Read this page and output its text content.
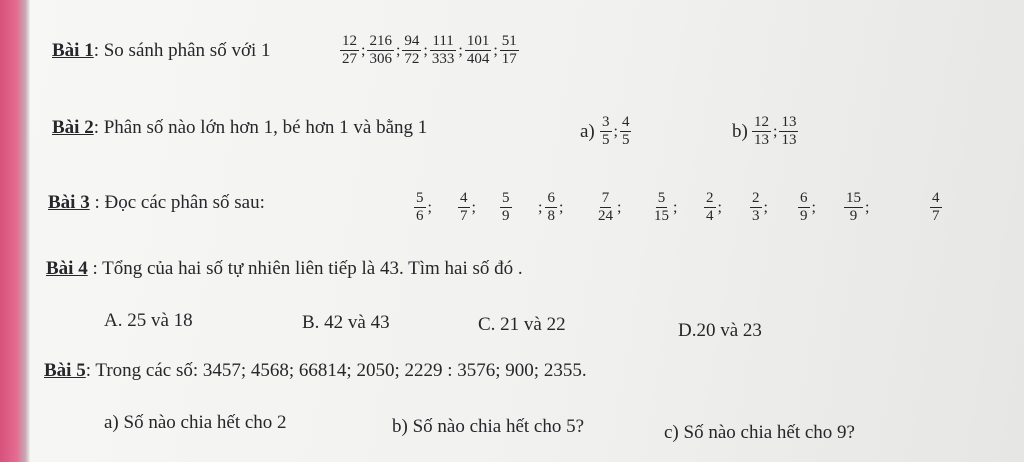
Bài 1: So sánh phân số với 1	$\frac{12}{27}$ ; $\frac{216}{306}$ ; $\frac{94}{72}$ ; $\frac{111}{333}$ ; $\frac{101}{404}$ ; $\frac{51}{17}$
Bài 2: Phân số nào lớn hơn 1, bé hơn 1 và bằng 1	$a) \frac{3}{5}$ ; $\frac{4}{5}$	$b) \frac{12}{13}$ ; $\frac{13}{13}$
Bài 3 : Đọc các phân số sau:	$\frac{5}{6}$ ; $\frac{4}{7}$ ; $\frac{5}{9}$ ; $\frac{6}{8}$ ; $\frac{7}{24}$ ; $\frac{5}{15}$ ; $\frac{2}{4}$ ; $\frac{2}{3}$ ; $\frac{6}{9}$ ; $\frac{15}{9}$ ;	$\frac{4}{7}$
Bài 4 : Tổng của hai số tự nhiên liên tiếp là 43. Tìm hai số đó .
A. 25 và 18	B. 42 và 43	C. 21 và 22	D.20 và 23
Bài 5: Trong các số: 3457; 4568; 66814; 2050; 2229 : 3576; 900; 2355.
a) Số nào chia hết cho 2	b) Số nào chia hết cho 5?	c) Số nào chia hết cho 9?
